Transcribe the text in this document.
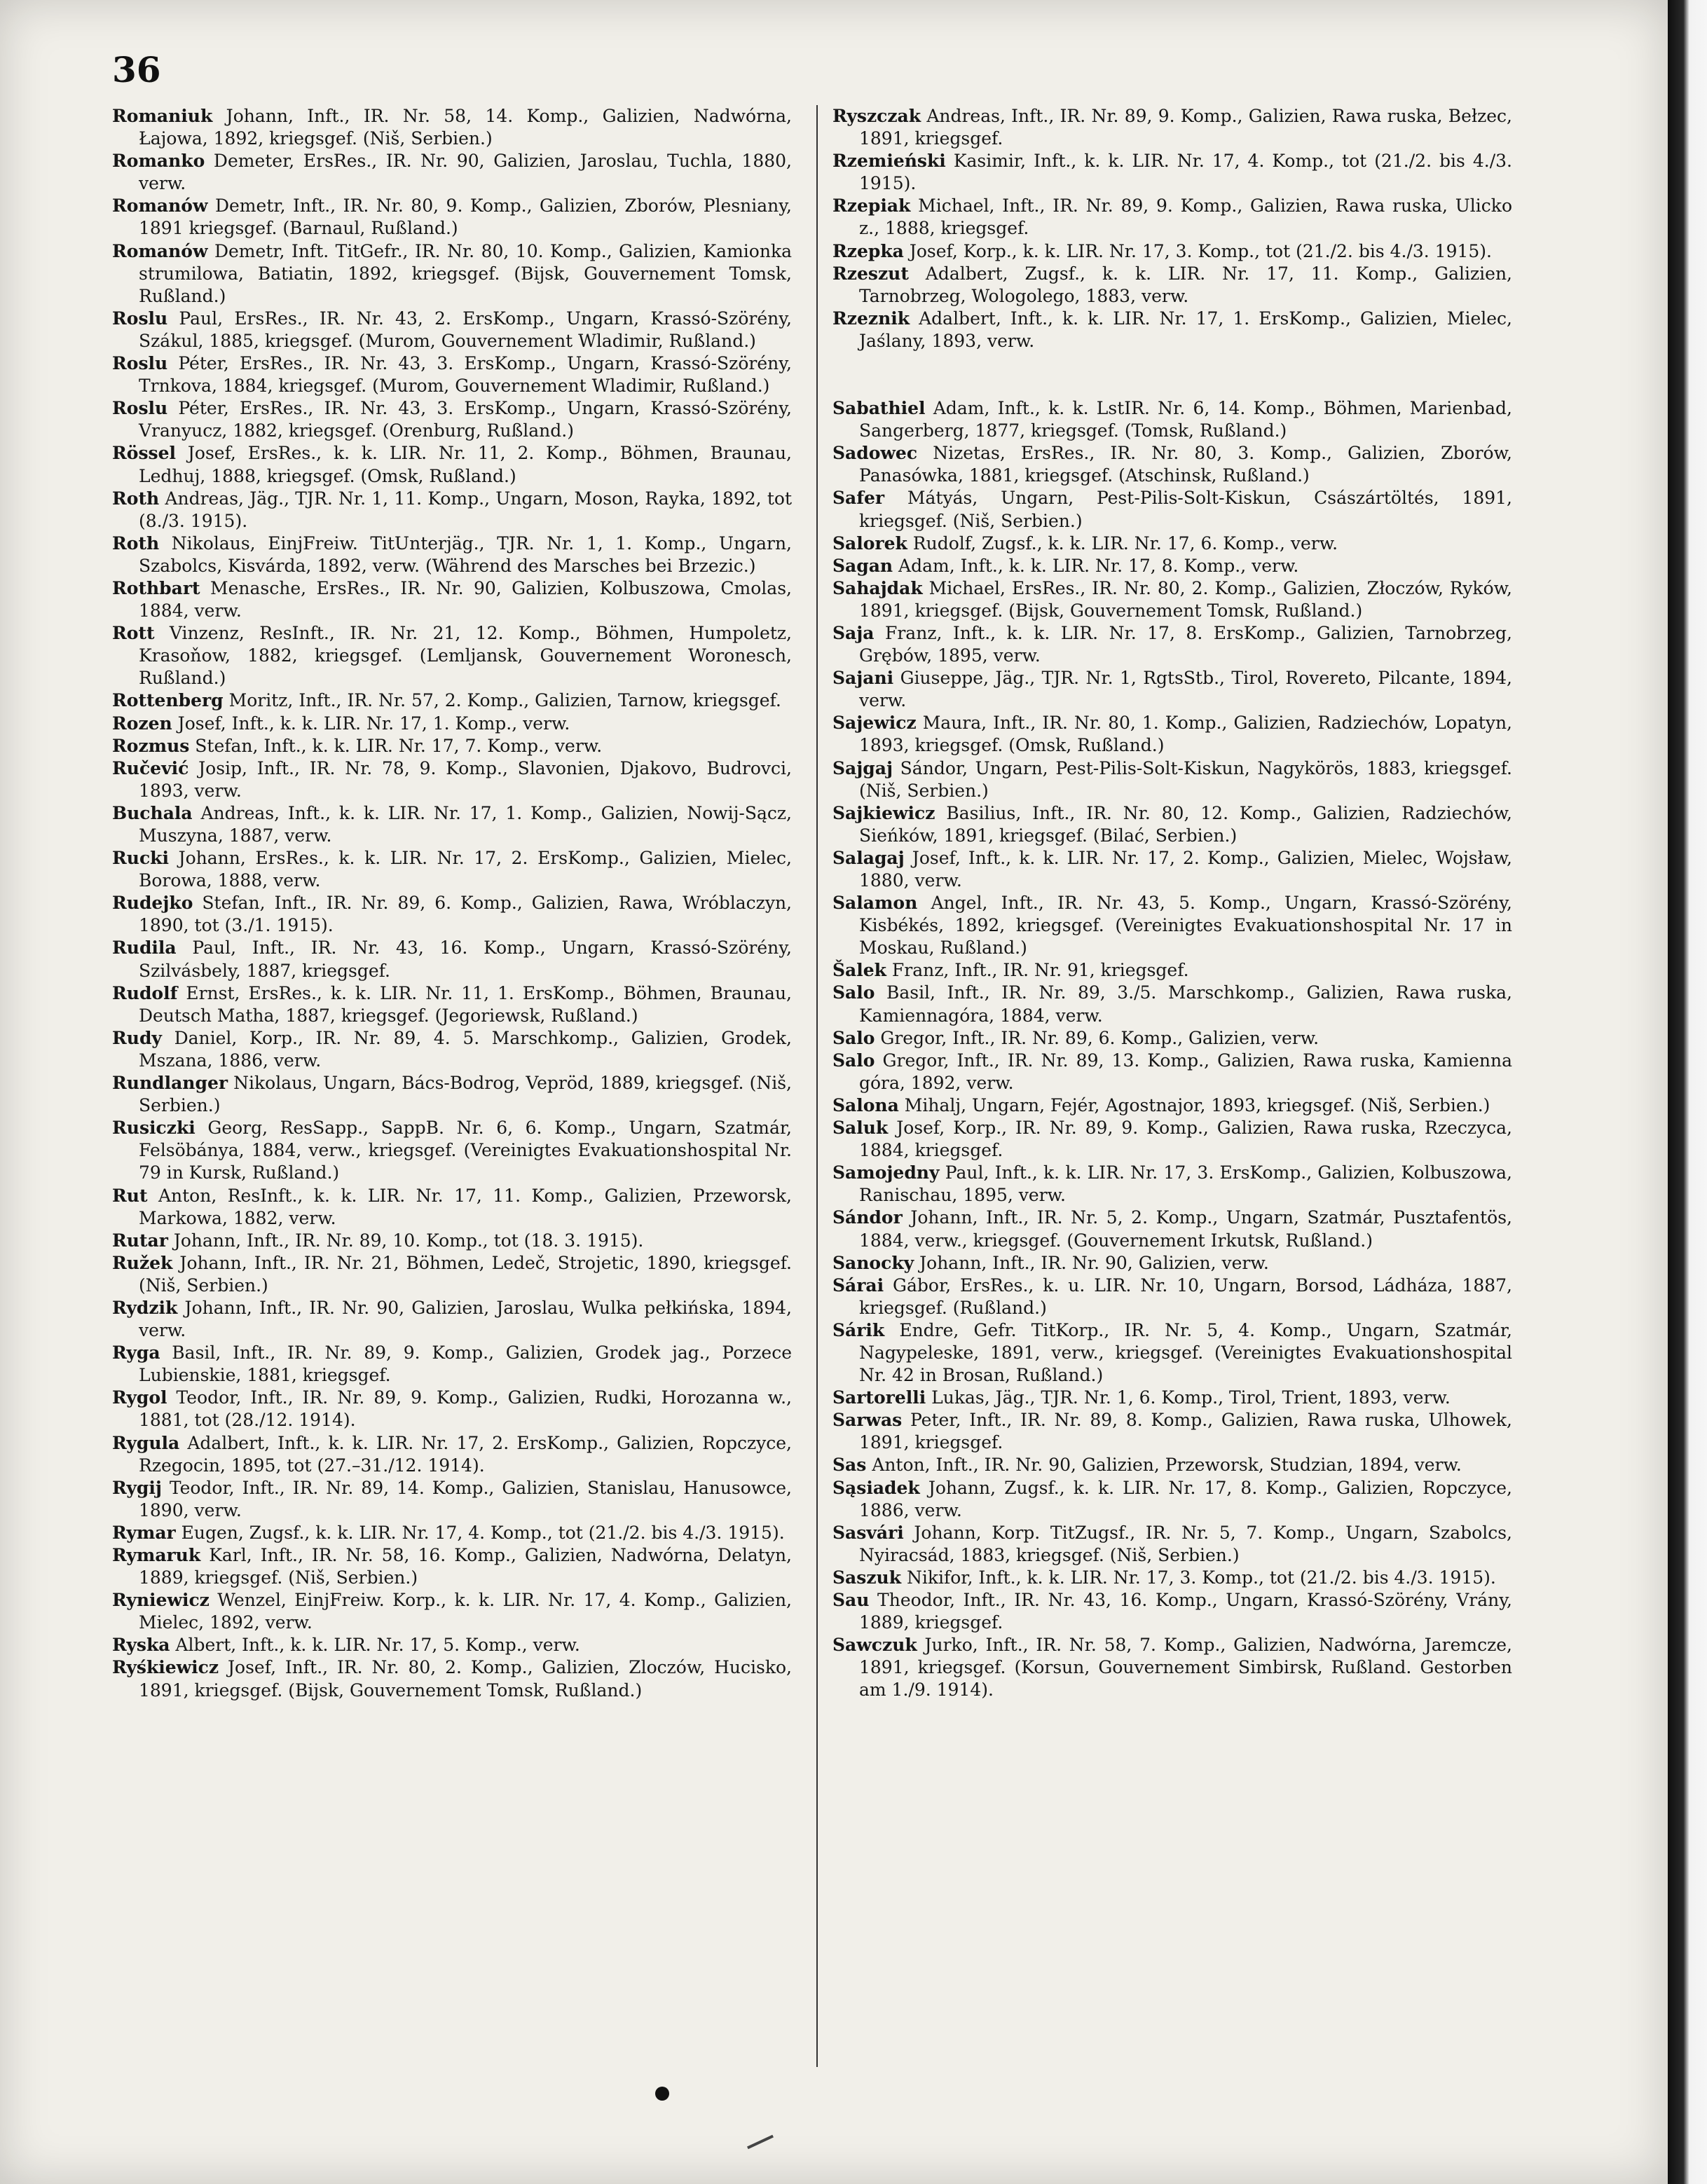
36

Romaniuk Johann, Inft., IR. Nr. 58, 14. Komp., Galizien, Nadwórna, Łajowa, 1892, kriegsgef. (Niš, Serbien.)

Romanko Demeter, ErsRes., IR. Nr. 90, Galizien, Jaroslau, Tuchla, 1880, verw.

Romanów Demetr, Inft., IR. Nr. 80, 9. Komp., Galizien, Zborów, Plesniany, 1891 kriegsgef. (Barnaul, Rußland.)

Romanów Demetr, Inft. TitGefr., IR. Nr. 80, 10. Komp., Galizien, Kamionka strumilowa, Batiatin, 1892, kriegsgef. (Bijsk, Gouvernement Tomsk, Rußland.)

Roslu Paul, ErsRes., IR. Nr. 43, 2. ErsKomp., Ungarn, Krassó-Szörény, Szákul, 1885, kriegsgef. (Murom, Gouvernement Wladimir, Rußland.)

Roslu Péter, ErsRes., IR. Nr. 43, 3. ErsKomp., Ungarn, Krassó-Szörény, Trnkova, 1884, kriegsgef. (Murom, Gouvernement Wladimir, Rußland.)

Roslu Péter, ErsRes., IR. Nr. 43, 3. ErsKomp., Ungarn, Krassó-Szörény, Vranyucz, 1882, kriegsgef. (Orenburg, Rußland.)

Rössel Josef, ErsRes., k. k. LIR. Nr. 11, 2. Komp., Böhmen, Braunau, Ledhuj, 1888, kriegsgef. (Omsk, Rußland.)

Roth Andreas, Jäg., TJR. Nr. 1, 11. Komp., Ungarn, Moson, Rayka, 1892, tot (8./3. 1915).

Roth Nikolaus, EinjFreiw. TitUnterjäg., TJR. Nr. 1, 1. Komp., Ungarn, Szabolcs, Kisvárda, 1892, verw. (Während des Marsches bei Brzezic.)

Rothbart Menasche, ErsRes., IR. Nr. 90, Galizien, Kolbuszowa, Cmolas, 1884, verw.

Rott Vinzenz, ResInft., IR. Nr. 21, 12. Komp., Böhmen, Humpoletz, Krasoňow, 1882, kriegsgef. (Lemljansk, Gouvernement Woronesch, Rußland.)

Rottenberg Moritz, Inft., IR. Nr. 57, 2. Komp., Galizien, Tarnow, kriegsgef.

Rozen Josef, Inft., k. k. LIR. Nr. 17, 1. Komp., verw.

Rozmus Stefan, Inft., k. k. LIR. Nr. 17, 7. Komp., verw.

Ručević Josip, Inft., IR. Nr. 78, 9. Komp., Slavonien, Djakovo, Budrovci, 1893, verw.

Buchala Andreas, Inft., k. k. LIR. Nr. 17, 1. Komp., Galizien, Nowij-Sącz, Muszyna, 1887, verw.

Rucki Johann, ErsRes., k. k. LIR. Nr. 17, 2. ErsKomp., Galizien, Mielec, Borowa, 1888, verw.

Rudejko Stefan, Inft., IR. Nr. 89, 6. Komp., Galizien, Rawa, Wróblaczyn, 1890, tot (3./1. 1915).

Rudila Paul, Inft., IR. Nr. 43, 16. Komp., Ungarn, Krassó-Szörény, Szilvásbely, 1887, kriegsgef.

Rudolf Ernst, ErsRes., k. k. LIR. Nr. 11, 1. ErsKomp., Böhmen, Braunau, Deutsch Matha, 1887, kriegsgef. (Jegoriewsk, Rußland.)

Rudy Daniel, Korp., IR. Nr. 89, 4. 5. Marschkomp., Galizien, Grodek, Mszana, 1886, verw.

Rundlanger Nikolaus, Ungarn, Bács-Bodrog, Vepröd, 1889, kriegsgef. (Niš, Serbien.)

Rusiczki Georg, ResSapp., SappB. Nr. 6, 6. Komp., Ungarn, Szatmár, Felsöbánya, 1884, verw., kriegsgef. (Vereinigtes Evakuationshospital Nr. 79 in Kursk, Rußland.)

Rut Anton, ResInft., k. k. LIR. Nr. 17, 11. Komp., Galizien, Przeworsk, Markowa, 1882, verw.

Rutar Johann, Inft., IR. Nr. 89, 10. Komp., tot (18. 3. 1915).

Ružek Johann, Inft., IR. Nr. 21, Böhmen, Ledeč, Strojetic, 1890, kriegsgef. (Niš, Serbien.)

Rydzik Johann, Inft., IR. Nr. 90, Galizien, Jaroslau, Wulka pełkińska, 1894, verw.

Ryga Basil, Inft., IR. Nr. 89, 9. Komp., Galizien, Grodek jag., Porzece Lubienskie, 1881, kriegsgef.

Rygol Teodor, Inft., IR. Nr. 89, 9. Komp., Galizien, Rudki, Horozanna w., 1881, tot (28./12. 1914).

Rygula Adalbert, Inft., k. k. LIR. Nr. 17, 2. ErsKomp., Galizien, Ropczyce, Rzegocin, 1895, tot (27.–31./12. 1914).

Rygij Teodor, Inft., IR. Nr. 89, 14. Komp., Galizien, Stanislau, Hanusowce, 1890, verw.

Rymar Eugen, Zugsf., k. k. LIR. Nr. 17, 4. Komp., tot (21./2. bis 4./3. 1915).

Rymaruk Karl, Inft., IR. Nr. 58, 16. Komp., Galizien, Nadwórna, Delatyn, 1889, kriegsgef. (Niš, Serbien.)

Ryniewicz Wenzel, EinjFreiw. Korp., k. k. LIR. Nr. 17, 4. Komp., Galizien, Mielec, 1892, verw.

Ryska Albert, Inft., k. k. LIR. Nr. 17, 5. Komp., verw.

Ryśkiewicz Josef, Inft., IR. Nr. 80, 2. Komp., Galizien, Zloczów, Hucisko, 1891, kriegsgef. (Bijsk, Gouvernement Tomsk, Rußland.)

Ryszczak Andreas, Inft., IR. Nr. 89, 9. Komp., Galizien, Rawa ruska, Bełzec, 1891, kriegsgef.

Rzemieński Kasimir, Inft., k. k. LIR. Nr. 17, 4. Komp., tot (21./2. bis 4./3. 1915).

Rzepiak Michael, Inft., IR. Nr. 89, 9. Komp., Galizien, Rawa ruska, Ulicko z., 1888, kriegsgef.

Rzepka Josef, Korp., k. k. LIR. Nr. 17, 3. Komp., tot (21./2. bis 4./3. 1915).

Rzeszut Adalbert, Zugsf., k. k. LIR. Nr. 17, 11. Komp., Galizien, Tarnobrzeg, Wologolego, 1883, verw.

Rzeznik Adalbert, Inft., k. k. LIR. Nr. 17, 1. ErsKomp., Galizien, Mielec, Jaślany, 1893, verw.

Sabathiel Adam, Inft., k. k. LstIR. Nr. 6, 14. Komp., Böhmen, Marienbad, Sangerberg, 1877, kriegsgef. (Tomsk, Rußland.)

Sadowec Nizetas, ErsRes., IR. Nr. 80, 3. Komp., Galizien, Zborów, Panasówka, 1881, kriegsgef. (Atschinsk, Rußland.)

Safer Mátyás, Ungarn, Pest-Pilis-Solt-Kiskun, Császártöltés, 1891, kriegsgef. (Niš, Serbien.)

Salorek Rudolf, Zugsf., k. k. LIR. Nr. 17, 6. Komp., verw.

Sagan Adam, Inft., k. k. LIR. Nr. 17, 8. Komp., verw.

Sahajdak Michael, ErsRes., IR. Nr. 80, 2. Komp., Galizien, Złoczów, Ryków, 1891, kriegsgef. (Bijsk, Gouvernement Tomsk, Rußland.)

Saja Franz, Inft., k. k. LIR. Nr. 17, 8. ErsKomp., Galizien, Tarnobrzeg, Grębów, 1895, verw.

Sajani Giuseppe, Jäg., TJR. Nr. 1, RgtsStb., Tirol, Rovereto, Pilcante, 1894, verw.

Sajewicz Maura, Inft., IR. Nr. 80, 1. Komp., Galizien, Radziechów, Lopatyn, 1893, kriegsgef. (Omsk, Rußland.)

Sajgaj Sándor, Ungarn, Pest-Pilis-Solt-Kiskun, Nagykörös, 1883, kriegsgef. (Niš, Serbien.)

Sajkiewicz Basilius, Inft., IR. Nr. 80, 12. Komp., Galizien, Radziechów, Sieńków, 1891, kriegsgef. (Bilać, Serbien.)

Salagaj Josef, Inft., k. k. LIR. Nr. 17, 2. Komp., Galizien, Mielec, Wojsław, 1880, verw.

Salamon Angel, Inft., IR. Nr. 43, 5. Komp., Ungarn, Krassó-Szörény, Kisbékés, 1892, kriegsgef. (Vereinigtes Evakuationshospital Nr. 17 in Moskau, Rußland.)

Šalek Franz, Inft., IR. Nr. 91, kriegsgef.

Salo Basil, Inft., IR. Nr. 89, 3./5. Marschkomp., Galizien, Rawa ruska, Kamiennagóra, 1884, verw.

Salo Gregor, Inft., IR. Nr. 89, 6. Komp., Galizien, verw.

Salo Gregor, Inft., IR. Nr. 89, 13. Komp., Galizien, Rawa ruska, Kamienna góra, 1892, verw.

Salona Mihalj, Ungarn, Fejér, Agostnajor, 1893, kriegsgef. (Niš, Serbien.)

Saluk Josef, Korp., IR. Nr. 89, 9. Komp., Galizien, Rawa ruska, Rzeczyca, 1884, kriegsgef.

Samojedny Paul, Inft., k. k. LIR. Nr. 17, 3. ErsKomp., Galizien, Kolbuszowa, Ranischau, 1895, verw.

Sándor Johann, Inft., IR. Nr. 5, 2. Komp., Ungarn, Szatmár, Pusztafentös, 1884, verw., kriegsgef. (Gouvernement Irkutsk, Rußland.)

Sanocky Johann, Inft., IR. Nr. 90, Galizien, verw.

Sárai Gábor, ErsRes., k. u. LIR. Nr. 10, Ungarn, Borsod, Ládháza, 1887, kriegsgef. (Rußland.)

Sárik Endre, Gefr. TitKorp., IR. Nr. 5, 4. Komp., Ungarn, Szatmár, Nagypeleske, 1891, verw., kriegsgef. (Vereinigtes Evakuationshospital Nr. 42 in Brosan, Rußland.)

Sartorelli Lukas, Jäg., TJR. Nr. 1, 6. Komp., Tirol, Trient, 1893, verw.

Sarwas Peter, Inft., IR. Nr. 89, 8. Komp., Galizien, Rawa ruska, Ulhowek, 1891, kriegsgef.

Sas Anton, Inft., IR. Nr. 90, Galizien, Przeworsk, Studzian, 1894, verw.

Sąsiadek Johann, Zugsf., k. k. LIR. Nr. 17, 8. Komp., Galizien, Ropczyce, 1886, verw.

Sasvári Johann, Korp. TitZugsf., IR. Nr. 5, 7. Komp., Ungarn, Szabolcs, Nyiracsád, 1883, kriegsgef. (Niš, Serbien.)

Saszuk Nikifor, Inft., k. k. LIR. Nr. 17, 3. Komp., tot (21./2. bis 4./3. 1915).

Sau Theodor, Inft., IR. Nr. 43, 16. Komp., Ungarn, Krassó-Szörény, Vrány, 1889, kriegsgef.

Sawczuk Jurko, Inft., IR. Nr. 58, 7. Komp., Galizien, Nadwórna, Jaremcze, 1891, kriegsgef. (Korsun, Gouvernement Simbirsk, Rußland. Gestorben am 1./9. 1914).
